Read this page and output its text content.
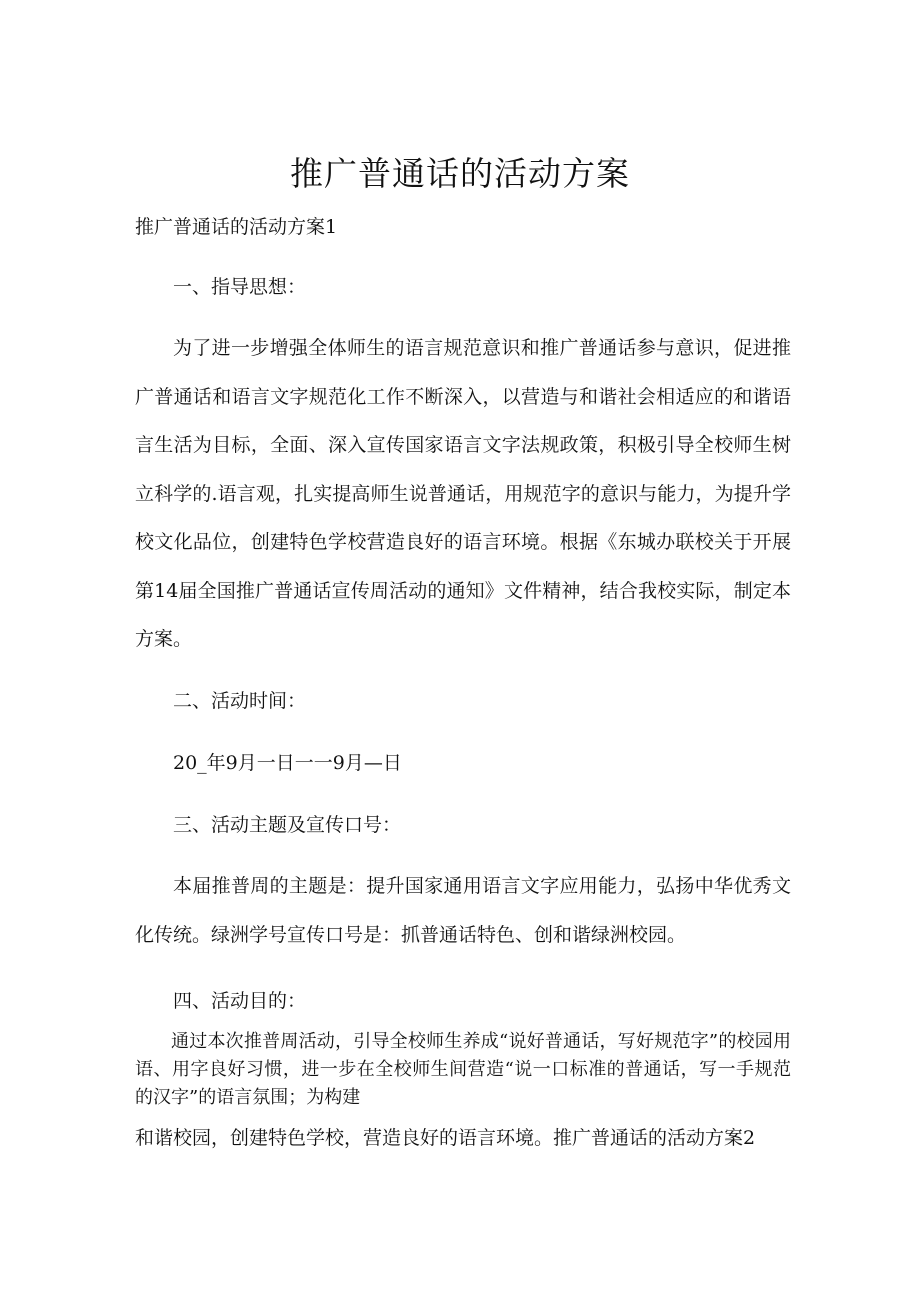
推广普通话的活动方案
推广普通话的活动方案1
一、指导思想：
为了进一步增强全体师生的语言规范意识和推广普通话参与意识，促进推广普通话和语言文字规范化工作不断深入，以营造与和谐社会相适应的和谐语言生活为目标，全面、深入宣传国家语言文字法规政策，积极引导全校师生树立科学的.语言观，扎实提高师生说普通话，用规范字的意识与能力，为提升学校文化品位，创建特色学校营造良好的语言环境。根据《东城办联校关于开展第14届全国推广普通话宣传周活动的通知》文件精神，结合我校实际，制定本方案。
二、活动时间：
20_年9月一日一一9月—日
三、活动主题及宣传口号：
本届推普周的主题是：提升国家通用语言文字应用能力，弘扬中华优秀文化传统。绿洲学号宣传口号是：抓普通话特色、创和谐绿洲校园。
四、活动目的：
通过本次推普周活动，引导全校师生养成“说好普通话，写好规范字”的校园用语、用字良好习惯，进一步在全校师生间营造“说一口标准的普通话，写一手规范的汉字”的语言氛围；为构建
和谐校园，创建特色学校，营造良好的语言环境。推广普通话的活动方案2
